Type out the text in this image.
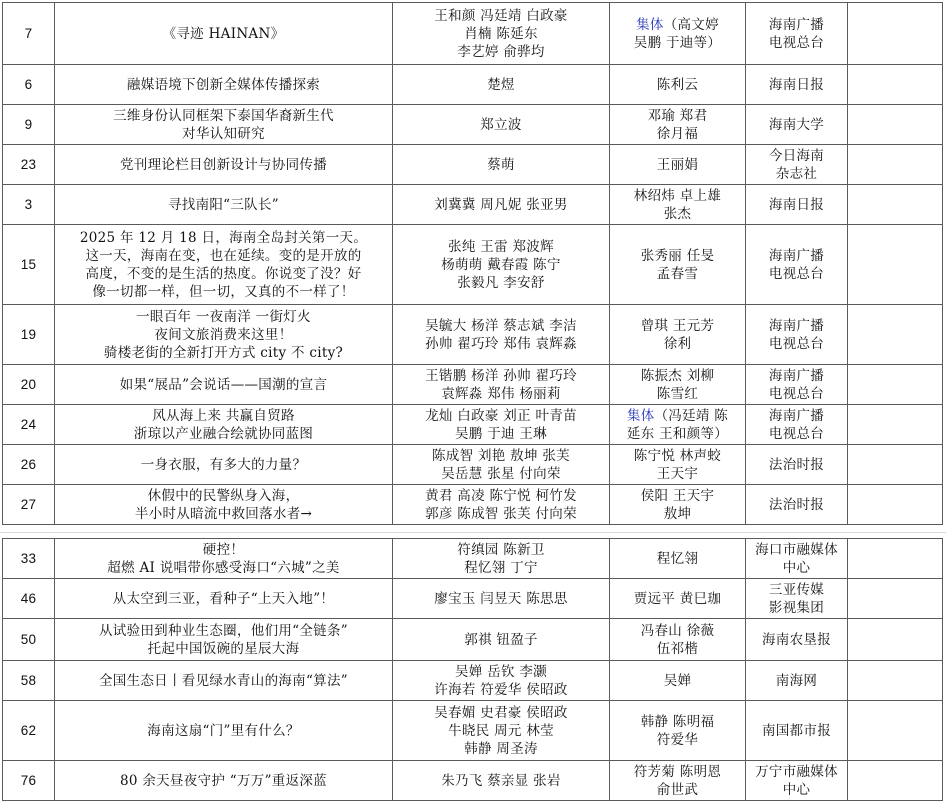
7	《寻迹 HAINAN》	王和颜 冯廷靖 白政豪
肖楠 陈延东
李艺婷 俞骅均	集体（高文婷
吴鹏 于迪等）	海南广播
电视总台	
6	融媒语境下创新全媒体传播探索	楚煜	陈利云	海南日报	
9	三维身份认同框架下泰国华裔新生代
对华认知研究	郑立波	邓瑜 郑君
徐月福	海南大学	
23	党刊理论栏目创新设计与协同传播	蔡萌	王丽娟	今日海南
杂志社	
3	寻找南阳“三队长”	刘冀冀 周凡妮 张亚男	林绍炜 卓上雄
张杰	海南日报	
15	2025 年 12 月 18 日，海南全岛封关第一天。
这一天，海南在变，也在延续。变的是开放的
高度，不变的是生活的热度。你说变了没？好
像一切都一样，但一切，又真的不一样了！	张纯 王雷 郑波辉
杨萌萌 戴春霞 陈宁
张毅凡 李安舒	张秀丽 任旻
孟春雪	海南广播
电视总台	
19	一眼百年 一夜南洋 一街灯火
夜间文旅消费来这里！
骑楼老街的全新打开方式 city 不 city?	吴毓大 杨洋 蔡志斌 李洁
孙帅 翟巧玲 郑伟 袁辉淼	曾琪 王元芳
徐利	海南广播
电视总台	
20	如果“展品”会说话——国潮的宣言	王锴鹏 杨洋 孙帅 翟巧玲
袁辉淼 郑伟 杨丽莉	陈振杰 刘柳
陈雪红	海南广播
电视总台	
24	风从海上来 共赢自贸路
浙琼以产业融合绘就协同蓝图	龙灿 白政豪 刘正 叶青苗
吴鹏 于迪 王琳	集体（冯廷靖 陈
延东 王和颜等）	海南广播
电视总台	
26	一身衣服，有多大的力量？	陈成智 刘艳 敖坤 张芙
吴岳慧 张星 付向荣	陈宁悦 林声蛟
王天宇	法治时报	
27	休假中的民警纵身入海，
半小时从暗流中救回落水者→	黄君 高凌 陈宁悦 柯竹发
郭彦 陈成智 张芙 付向荣	侯阳 王天宇
敖坤	法治时报	
33	硬控！
超燃 AI 说唱带你感受海口“六城”之美	符缜园 陈新卫
程忆翎 丁宁	程忆翎	海口市融媒体
中心	
46	从太空到三亚，看种子“上天入地”！	廖宝玉 闫昱天 陈思思	贾远平 黄巳珈	三亚传媒
影视集团	
50	从试验田到种业生态圈，他们用“全链条”
托起中国饭碗的星辰大海	郭祺 钮盈子	冯春山 徐薇
伍祁楷	海南农垦报	
58	全国生态日丨看见绿水青山的海南“算法”	吴婵 岳钦 李灏
许海若 符爱华 侯昭政	吴婵	南海网	
62	海南这扇“门”里有什么？	吴春媚 史君豪 侯昭政
牛晓民 周元 林莹
韩静 周圣涛	韩静 陈明福
符爱华	南国都市报	
76	80 余天昼夜守护 “万万”重返深蓝	朱乃飞 蔡亲显 张岩	符芳菊 陈明恩
俞世武	万宁市融媒体
中心	
